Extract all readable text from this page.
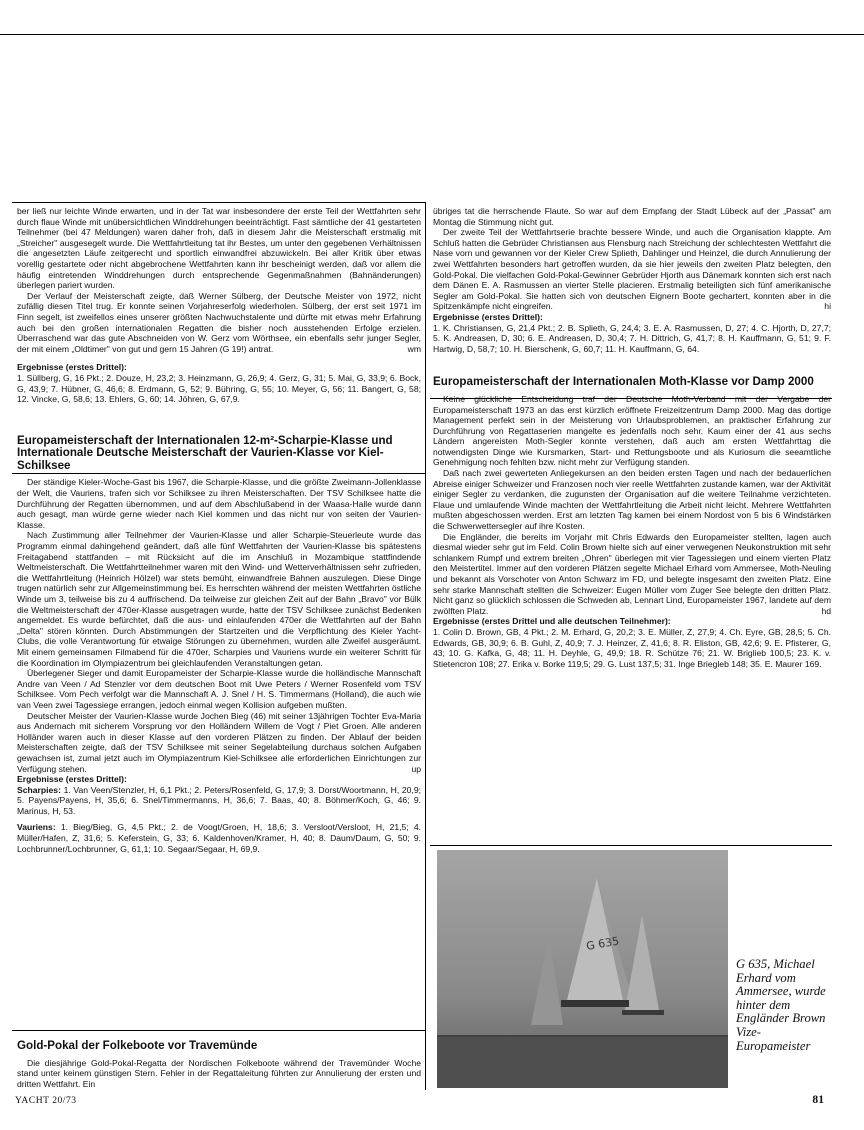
ber ließ nur leichte Winde erwarten, und in der Tat war insbesondere der erste Teil der Wettfahrten sehr durch flaue Winde mit unübersichtlichen Winddrehungen beeinträchtigt. Fast sämtliche der 41 gestarteten Teilnehmer (bei 47 Meldungen) waren daher froh, daß in diesem Jahr die Meisterschaft erstmalig mit „Streicher" ausgesegelt wurde. Die Wettfahrtleitung tat ihr Bestes, um unter den gegebenen Verhältnissen die angesetzten Läufe zeitgerecht und sportlich einwandfrei abzuwickeln. Bei aller Kritik über etwas vorellig gestartete oder nicht abgebrochene Wettfahrten kann ihr bescheinigt werden, daß vor allem die häufig eintretenden Winddrehungen durch entsprechende Gegenmaßnahmen (Bahnänderungen) überlegen pariert wurden.

Der Verlauf der Meisterschaft zeigte, daß Werner Sülberg, der Deutsche Meister von 1972, nicht zufällig diesen Titel trug. Er konnte seinen Vorjahreserfolg wiederholen. Sülberg, der erst seit 1971 im Finn segelt, ist zweifellos eines unserer größten Nachwuchstalente und dürfte mit etwas mehr Erfahrung auch bei den großen internationalen Regatten die bisher noch ausstehenden Erfolge erzielen. Überraschend war das gute Abschneiden von W. Gerz vom Wörthsee, ein ebenfalls sehr junger Segler, der mit einem „Oldtimer" von gut und gern 15 Jahren (G 19!) antrat.	wm

Ergebnisse (erstes Drittel):

1. Süllberg, G, 16 Pkt.; 2. Douze, H, 23,2; 3. Heinzmann, G, 26,9; 4. Gerz, G, 31; 5. Mai, G, 33,9; 6. Bock, G, 43,9; 7. Hübner, G, 46,6; 8. Erdmann, G, 52; 9. Bühring, G, 55; 10. Meyer, G, 56; 11. Bangert, G, 58; 12. Vincke, G, 58,6; 13. Ehlers, G, 60; 14. Jöhren, G, 67,9.

Europameisterschaft der Internationalen 12-m²-Scharpie-Klasse und Internationale Deutsche Meisterschaft der Vaurien-Klasse vor Kiel-Schilksee

Der ständige Kieler-Woche-Gast bis 1967, die Scharpie-Klasse, und die größte Zweimann-Jollenklasse der Welt, die Vauriens, trafen sich vor Schilksee zu ihren Meisterschaften. Der TSV Schilksee hatte die Durchführung der Regatten übernommen, und auf dem Abschlußabend in der Waasa-Halle wurde dann auch gesagt, man würde gerne wieder nach Kiel kommen und das nicht nur von seiten der Vaurien-Klasse.

Nach Zustimmung aller Teilnehmer der Vaurien-Klasse und aller Scharpie-Steuerleute wurde das Programm einmal dahingehend geändert, daß alle fünf Wettfahrten der Vaurien-Klasse bis spätestens Freitagabend stattfanden – mit Rücksicht auf die im Anschluß in Mozambique stattfindende Weltmeisterschaft. Die Wettfahrtteilnehmer waren mit den Wind- und Wetterverhältnissen sehr zufrieden, die Wettfahrtleitung (Heinrich Hölzel) war stets bemüht, einwandfreie Bahnen auszulegen. Diese Dinge trugen natürlich sehr zur Allgemeinstimmung bei. Es herrschten während der meisten Wettfahrten östliche Winde um 3, teilweise bis zu 4 auffrischend. Da teilweise zur gleichen Zeit auf der Bahn „Bravo" vor Bülk die Weltmeisterschaft der 470er-Klasse ausgetragen wurde, hatte der TSV Schilksee zunächst Bedenken angemeldet. Es wurde befürchtet, daß die aus- und einlaufenden 470er die Wettfahrten auf der Bahn „Delta" stören könnten. Durch Abstimmungen der Startzeiten und die Verpflichtung des Kieler Yacht-Clubs, die volle Verantwortung für etwaige Störungen zu übernehmen, wurden alle Zweifel ausgeräumt. Mit einem gemeinsamen Filmabend für die 470er, Scharpies und Vauriens wurde ein weiterer Schritt für die Koordination im Olympiazentrum bei gleichlaufenden Veranstaltungen getan.

Überlegener Sieger und damit Europameister der Scharpie-Klasse wurde die holländische Mannschaft Andre van Veen / Ad Stenzler vor dem deutschen Boot mit Uwe Peters / Werner Rosenfeld vom TSV Schilksee. Vom Pech verfolgt war die Mannschaft A. J. Snel / H. S. Timmermans (Holland), die auch wie van Veen zwei Tagessiege errangen, jedoch einmal wegen Kollision aufgeben mußten.

Deutscher Meister der Vaurien-Klasse wurde Jochen Bieg (46) mit seiner 13jährigen Tochter Eva-Maria aus Andernach mit sicherem Vorsprung vor den Holländern Willem de Vogt / Piet Groen. Alle anderen Holländer waren auch in dieser Klasse auf den vorderen Plätzen zu finden. Der Ablauf der beiden Meisterschaften zeigte, daß der TSV Schilksee mit seiner Segelabteilung durchaus solchen Aufgaben gewachsen ist, zumal jetzt auch im Olympiazentrum Kiel-Schilksee alle erforderlichen Einrichtungen zur Verfügung stehen.	up

Ergebnisse (erstes Drittel):

Scharpies: 1. Van Veen/Stenzler, H, 6,1 Pkt.; 2. Peters/Rosenfeld, G, 17,9; 3. Dorst/Woortmann, H, 20,9; 5. Payens/Payens, H, 35,6; 6. Snel/Timmermanns, H, 36,6; 7. Baas, 40; 8. Böhmer/Koch, G, 46; 9. Marinus, H, 53.

Vauriens: 1. Bieg/Bieg, G, 4,5 Pkt.; 2. de Voogt/Groen, H, 18,6; 3. Versloot/Versloot, H, 21,5; 4. Müller/Hafen, Z, 31,6; 5. Keferstein, G, 33; 6. Kaldenhoven/Kramer, H, 40; 8. Daum/Daum, G, 50; 9. Lochbrunner/Lochbrunner, G, 61,1; 10. Segaar/Segaar, H, 69,9.

Gold-Pokal der Folkeboote vor Travemünde

Die diesjährige Gold-Pokal-Regatta der Nordischen Folkeboote während der Travemünder Woche stand unter keinem günstigen Stern. Fehler in der Regattaleitung führten zur Annulierung der ersten und dritten Wettfahrt. Ein

übriges tat die herrschende Flaute. So war auf dem Empfang der Stadt Lübeck auf der „Passat" am Montag die Stimmung nicht gut.

Der zweite Teil der Wettfahrtserie brachte bessere Winde, und auch die Organisation klappte. Am Schluß hatten die Gebrüder Christiansen aus Flensburg nach Streichung der schlechtesten Wettfahrt die Nase vorn und gewannen vor der Kieler Crew Splieth, Dahlinger und Heinzel, die durch Annulierung der zwei Wettfahrten besonders hart getroffen wurden, da sie hier jeweils den zweiten Platz belegten, den Gold-Pokal. Die vielfachen Gold-Pokal-Gewinner Gebrüder Hjorth aus Dänemark konnten sich erst nach dem Dänen E. A. Rasmussen an vierter Stelle placieren. Erstmalig beteiligten sich fünf amerikanische Segler am Gold-Pokal. Sie hatten sich von deutschen Eignern Boote gechartert, konnten aber in die Spitzenkämpfe nicht eingreifen.	hi

Ergebnisse (erstes Drittel):

1. K. Christiansen, G, 21,4 Pkt.; 2. B. Splieth, G, 24,4; 3. E. A. Rasmussen, D, 27; 4. C. Hjorth, D, 27,7; 5. K. Andreasen, D, 30; 6. E. Andreasen, D, 30,4; 7. H. Dittrich, G, 41,7; 8. H. Kauffmann, G, 51; 9. F. Hartwig, D, 58,7; 10. H. Bierschenk, G, 60,7; 11. H. Kauffmann, G, 64.

Europameisterschaft der Internationalen Moth-Klasse vor Damp 2000

Keine glückliche Entscheidung traf der Deutsche Moth-Verband mit der Vergabe der Europameisterschaft 1973 an das erst kürzlich eröffnete Freizeitzentrum Damp 2000. Mag das dortige Management perfekt sein in der Meisterung von Urlaubsproblemen, an praktischer Erfahrung zur Durchführung von Regattaserien mangelte es jedenfalls noch sehr. Kaum einer der 41 aus sechs Ländern angereisten Moth-Segler konnte verstehen, daß auch am ersten Wettfahrttag die notwendigsten Dinge wie Kursmarken, Start- und Rettungsboote und als Kuriosum die seeamtliche Genehmigung noch fehlten bzw. nicht mehr zur Verfügung standen.

Daß nach zwei gewerteten Anliegekursen an den beiden ersten Tagen und nach der bedauerlichen Abreise einiger Schweizer und Franzosen noch vier reelle Wettfahrten zustande kamen, war der Aktivität einiger Segler zu verdanken, die zugunsten der Organisation auf die weitere Teilnahme verzichteten. Flaue und umlaufende Winde machten der Wettfahrtleitung die Arbeit nicht leicht. Mehrere Wettfahrten mußten abgeschossen werden. Erst am letzten Tag kamen bei einem Nordost von 5 bis 6 Windstärken die Schwerwettersegler auf ihre Kosten.

Die Engländer, die bereits im Vorjahr mit Chris Edwards den Europameister stellten, lagen auch diesmal wieder sehr gut im Feld. Colin Brown hielte sich auf einer verwegenen Neukonstruktion mit sehr schlankem Rumpf und extrem breiten „Ohren" überlegen mit vier Tagessiegen und einem vierten Platz den Meistertitel. Immer auf den vorderen Plätzen segelte Michael Erhard vom Ammersee, Moth-Neuling und bekannt als Vorschoter von Anton Schwarz im FD, und belegte insgesamt den zweiten Platz. Eine sehr starke Mannschaft stellten die Schweizer: Eugen Müller vom Zuger See belegte den dritten Platz. Nicht ganz so glücklich schlossen die Schweden ab, Lennart Lind, Europameister 1967, landete auf dem zwölften Platz.	hd

Ergebnisse (erstes Drittel und alle deutschen Teilnehmer):

1. Colin D. Brown, GB, 4 Pkt.; 2. M. Erhard, G, 20,2; 3. E. Müller, Z, 27,9; 4. Ch. Eyre, GB, 28,5; 5. Ch. Edwards, GB, 30,9; 6. B. Guhl, Z, 40,9; 7. J. Heinzer, Z, 41,6; 8. R. Eliston, GB, 42,6; 9. E. Pfisterer, G, 43; 10. G. Kafka, G, 48; 11. H. Deyhle, G, 49,9; 18. R. Schütze 76; 21. W. Briglieb 100,5; 23. K. v. Stietencron 108; 27. Erika v. Borke 119,5; 29. G. Lust 137,5; 31. Inge Briegleb 148; 35. E. Maurer 169.

G 635
G 635, Michael Erhard vom Ammersee, wurde hinter dem Engländer Brown Vize-Europameister
YACHT 20/73	81
